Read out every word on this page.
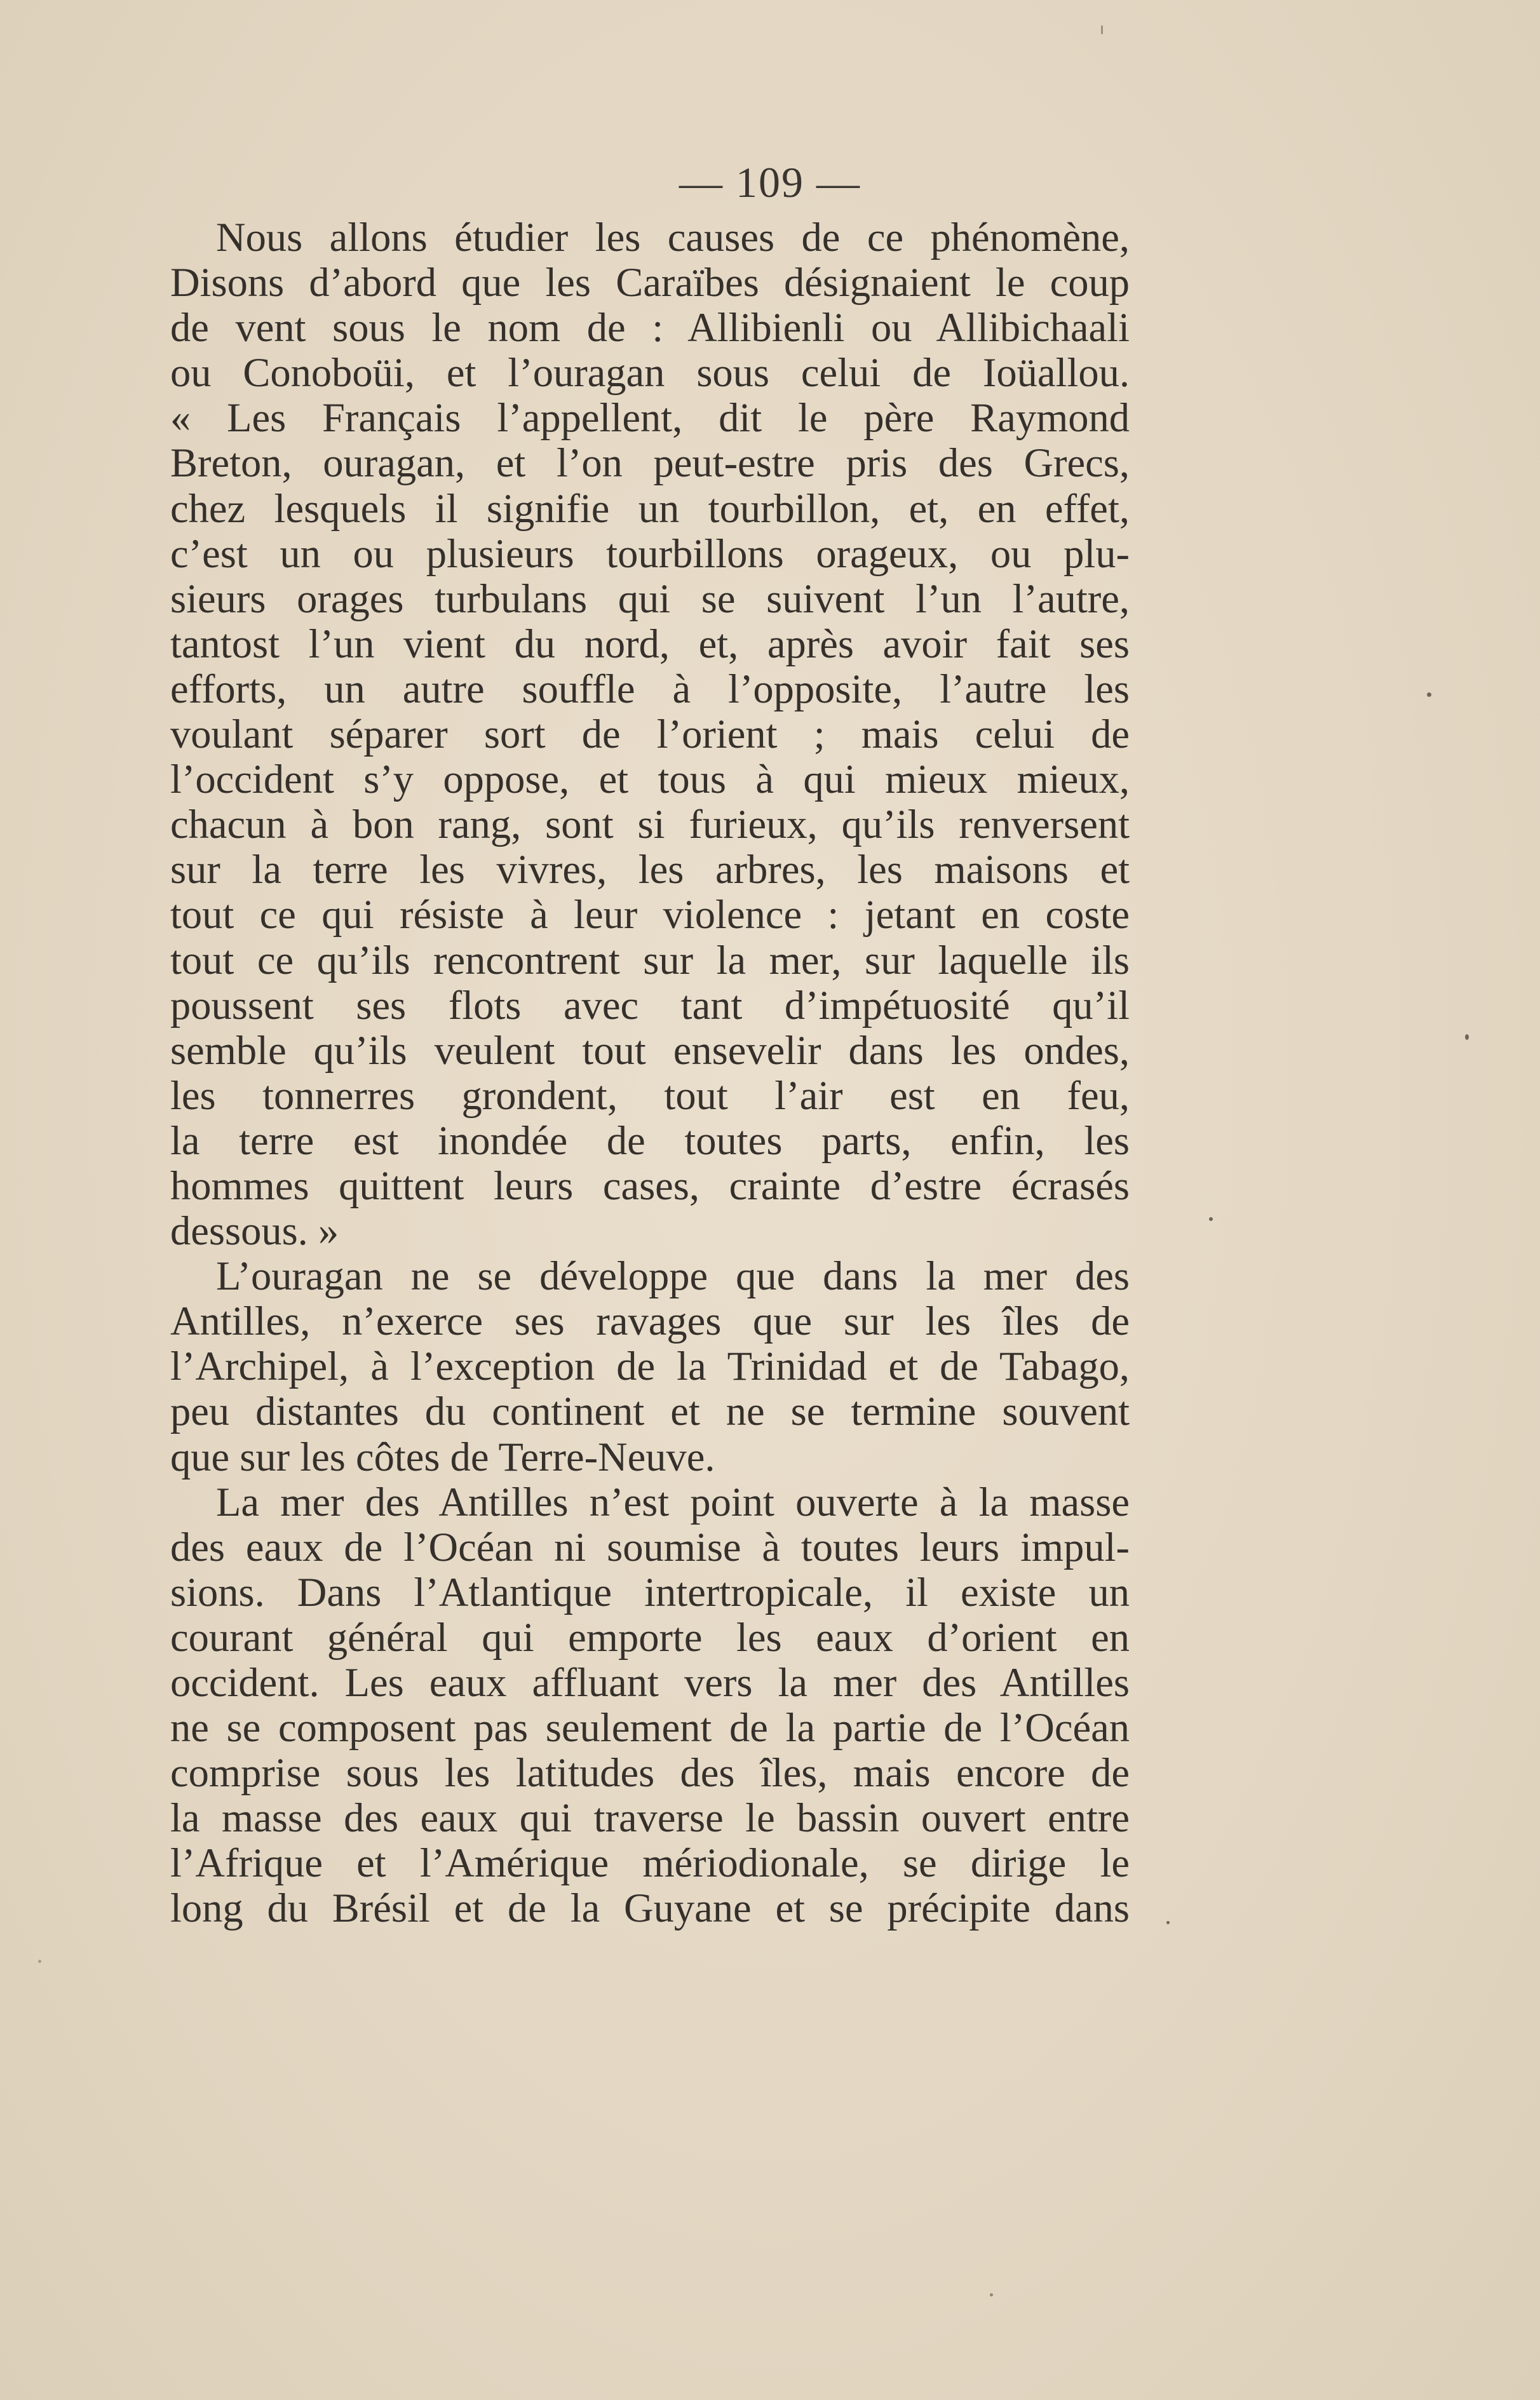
— 109 —
Nous allons étudier les causes de ce phénomène,
Disons d’abord que les Caraïbes désignaient le coup
de vent sous le nom de : Allibienli ou Allibichaali
ou Conoboüi, et l’ouragan sous celui de Ioüallou.
« Les Français l’appellent, dit le père Raymond
Breton, ouragan, et l’on peut-estre pris des Grecs,
chez lesquels il signifie un tourbillon, et, en effet,
c’est un ou plusieurs tourbillons orageux, ou plu-
sieurs orages turbulans qui se suivent l’un l’autre,
tantost l’un vient du nord, et, après avoir fait ses
efforts, un autre souffle à l’opposite, l’autre les
voulant séparer sort de l’orient ; mais celui de
l’occident s’y oppose, et tous à qui mieux mieux,
chacun à bon rang, sont si furieux, qu’ils renversent
sur la terre les vivres, les arbres, les maisons et
tout ce qui résiste à leur violence : jetant en coste
tout ce qu’ils rencontrent sur la mer, sur laquelle ils
poussent ses flots avec tant d’impétuosité qu’il
semble qu’ils veulent tout ensevelir dans les ondes,
les tonnerres grondent, tout l’air est en feu,
la terre est inondée de toutes parts, enfin, les
hommes quittent leurs cases, crainte d’estre écrasés
dessous. »
L’ouragan ne se développe que dans la mer des
Antilles, n’exerce ses ravages que sur les îles de
l’Archipel, à l’exception de la Trinidad et de Tabago,
peu distantes du continent et ne se termine souvent
que sur les côtes de Terre-Neuve.
La mer des Antilles n’est point ouverte à la masse
des eaux de l’Océan ni soumise à toutes leurs impul-
sions. Dans l’Atlantique intertropicale, il existe un
courant général qui emporte les eaux d’orient en
occident. Les eaux affluant vers la mer des Antilles
ne se composent pas seulement de la partie de l’Océan
comprise sous les latitudes des îles, mais encore de
la masse des eaux qui traverse le bassin ouvert entre
l’Afrique et l’Amérique mériodionale, se dirige le
long du Brésil et de la Guyane et se précipite dans
